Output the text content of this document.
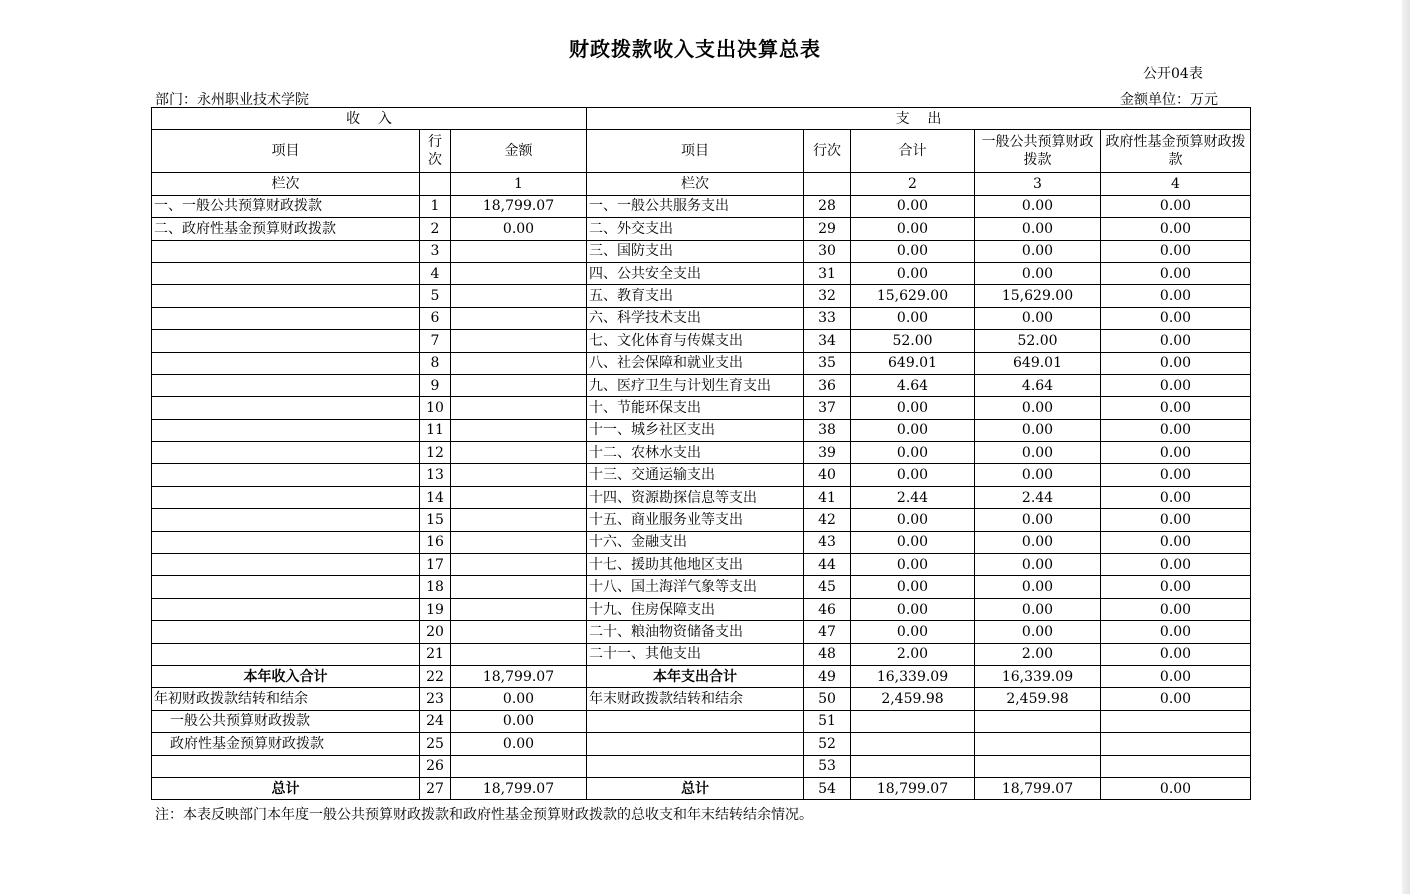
财政拨款收入支出决算总表
公开04表
部门：永州职业技术学院	金额单位：万元
收    入			支    出				
项目	行次	金额	项目	行次	合计	一般公共预算财政拨款	政府性基金预算财政拨款
栏次		1	栏次		2	3	4
一、一般公共预算财政拨款	1	18,799.07	一、一般公共服务支出	28	0.00	0.00	0.00
二、政府性基金预算财政拨款	2	0.00	二、外交支出	29	0.00	0.00	0.00
	3		三、国防支出	30	0.00	0.00	0.00
	4		四、公共安全支出	31	0.00	0.00	0.00
	5		五、教育支出	32	15,629.00	15,629.00	0.00
	6		六、科学技术支出	33	0.00	0.00	0.00
	7		七、文化体育与传媒支出	34	52.00	52.00	0.00
	8		八、社会保障和就业支出	35	649.01	649.01	0.00
	9		九、医疗卫生与计划生育支出	36	4.64	4.64	0.00
	10		十、节能环保支出	37	0.00	0.00	0.00
	11		十一、城乡社区支出	38	0.00	0.00	0.00
	12		十二、农林水支出	39	0.00	0.00	0.00
	13		十三、交通运输支出	40	0.00	0.00	0.00
	14		十四、资源勘探信息等支出	41	2.44	2.44	0.00
	15		十五、商业服务业等支出	42	0.00	0.00	0.00
	16		十六、金融支出	43	0.00	0.00	0.00
	17		十七、援助其他地区支出	44	0.00	0.00	0.00
	18		十八、国土海洋气象等支出	45	0.00	0.00	0.00
	19		十九、住房保障支出	46	0.00	0.00	0.00
	20		二十、粮油物资储备支出	47	0.00	0.00	0.00
	21		二十一、其他支出	48	2.00	2.00	0.00
本年收入合计	22	18,799.07	本年支出合计	49	16,339.09	16,339.09	0.00
年初财政拨款结转和结余	23	0.00	年末财政拨款结转和结余	50	2,459.98	2,459.98	0.00
一般公共预算财政拨款	24	0.00		51			
政府性基金预算财政拨款	25	0.00		52			
	26			53			
总计	27	18,799.07	总计	54	18,799.07	18,799.07	0.00
注：本表反映部门本年度一般公共预算财政拨款和政府性基金预算财政拨款的总收支和年末结转结余情况。
